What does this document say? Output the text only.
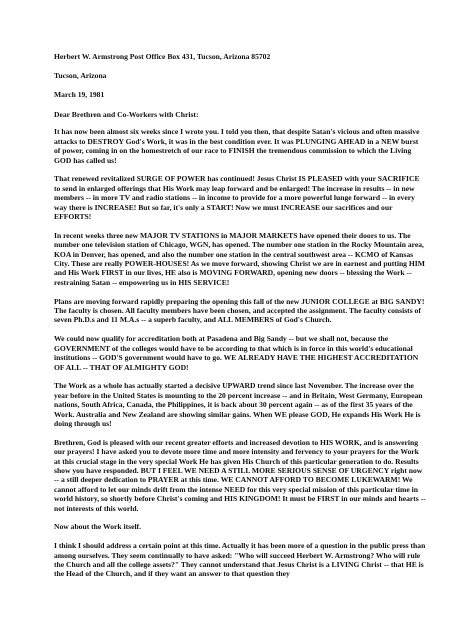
Herbert W. Armstrong Post Office Box 431, Tucson, Arizona 85702
Tucson, Arizona
March 19, 1981
Dear Brethren and Co-Workers with Christ:

It has now been almost six weeks since I wrote you. I told you then, that despite Satan's vicious and often massive attacks to DESTROY God's Work, it was in the best condition ever. It was PLUNGING AHEAD in a NEW burst of power, coming in on the homestretch of our race to FINISH the tremendous commission to which the Living GOD has called us!

That renewed revitalized SURGE OF POWER has continued! Jesus Christ IS PLEASED with your SACRIFICE to send in enlarged offerings that His Work may leap forward and be enlarged! The increase in results -- in new members -- in more TV and radio stations -- in income to provide for a more powerful lunge forward -- in every way there is INCREASE! But so far, it's only a START! Now we must INCREASE our sacrifices and our EFFORTS!

In recent weeks three new MAJOR TV STATIONS in MAJOR MARKETS have opened their doors to us. The number one television station of Chicago, WGN, has opened. The number one station in the Rocky Mountain area, KOA in Denver, has opened, and also the number one station in the central southwest area -- KCMO of Kansas City. These are really POWER-HOUSES! As we move forward, showing Christ we are in earnest and putting HIM and His Work FIRST in our lives, HE also is MOVING FORWARD, opening new doors -- blessing the Work -- restraining Satan -- empowering us in HIS SERVICE!

Plans are moving forward rapidly preparing the opening this fall of the new JUNIOR COLLEGE at BIG SANDY! The faculty is chosen. All faculty members have been chosen, and accepted the assignment. The faculty consists of seven Ph.D.s and 11 M.A.s -- a superb faculty, and ALL MEMBERS of God's Church.

We could now qualify for accreditation both at Pasadena and Big Sandy -- but we shall not, because the GOVERNMENT of the colleges would have to be according to that which is in force in this world's educational institutions -- GOD'S government would have to go. WE ALREADY HAVE THE HIGHEST ACCREDITATION OF ALL -- THAT OF ALMIGHTY GOD!

The Work as a whole has actually started a decisive UPWARD trend since last November. The increase over the year before in the United States is mounting to the 20 percent increase -- and in Britain, West Germany, European nations, South Africa, Canada, the Philippines, it is back about 30 percent again -- as of the first 35 years of the Work. Australia and New Zealand are showing similar gains. When WE please GOD, He expands His Work He is doing through us!

Brethren, God is pleased with our recent greater efforts and increased devotion to HIS WORK, and is answering our prayers! I have asked you to devote more time and more intensity and fervency to your prayers for the Work at this crucial stage in the very special Work He has given His Church of this particular generation to do. Results show you have responded. BUT I FEEL WE NEED A STILL MORE SERIOUS SENSE OF URGENCY right now -- a still deeper dedication to PRAYER at this time. WE CANNOT AFFORD TO BECOME LUKEWARM! We cannot afford to let our minds drift from the intense NEED for this very special mission of this particular time in world history, so shortly before Christ's coming and HIS KINGDOM! It must be FIRST in our minds and hearts -- not interests of this world.

Now about the Work itself.

I think I should address a certain point at this time. Actually it has been more of a question in the public press than among ourselves. They seem continually to have asked: "Who will succeed Herbert W. Armstrong? Who will rule the Church and all the college assets?" They cannot understand that Jesus Christ is a LIVING Christ -- that HE is the Head of the Church, and if they want an answer to that question they
